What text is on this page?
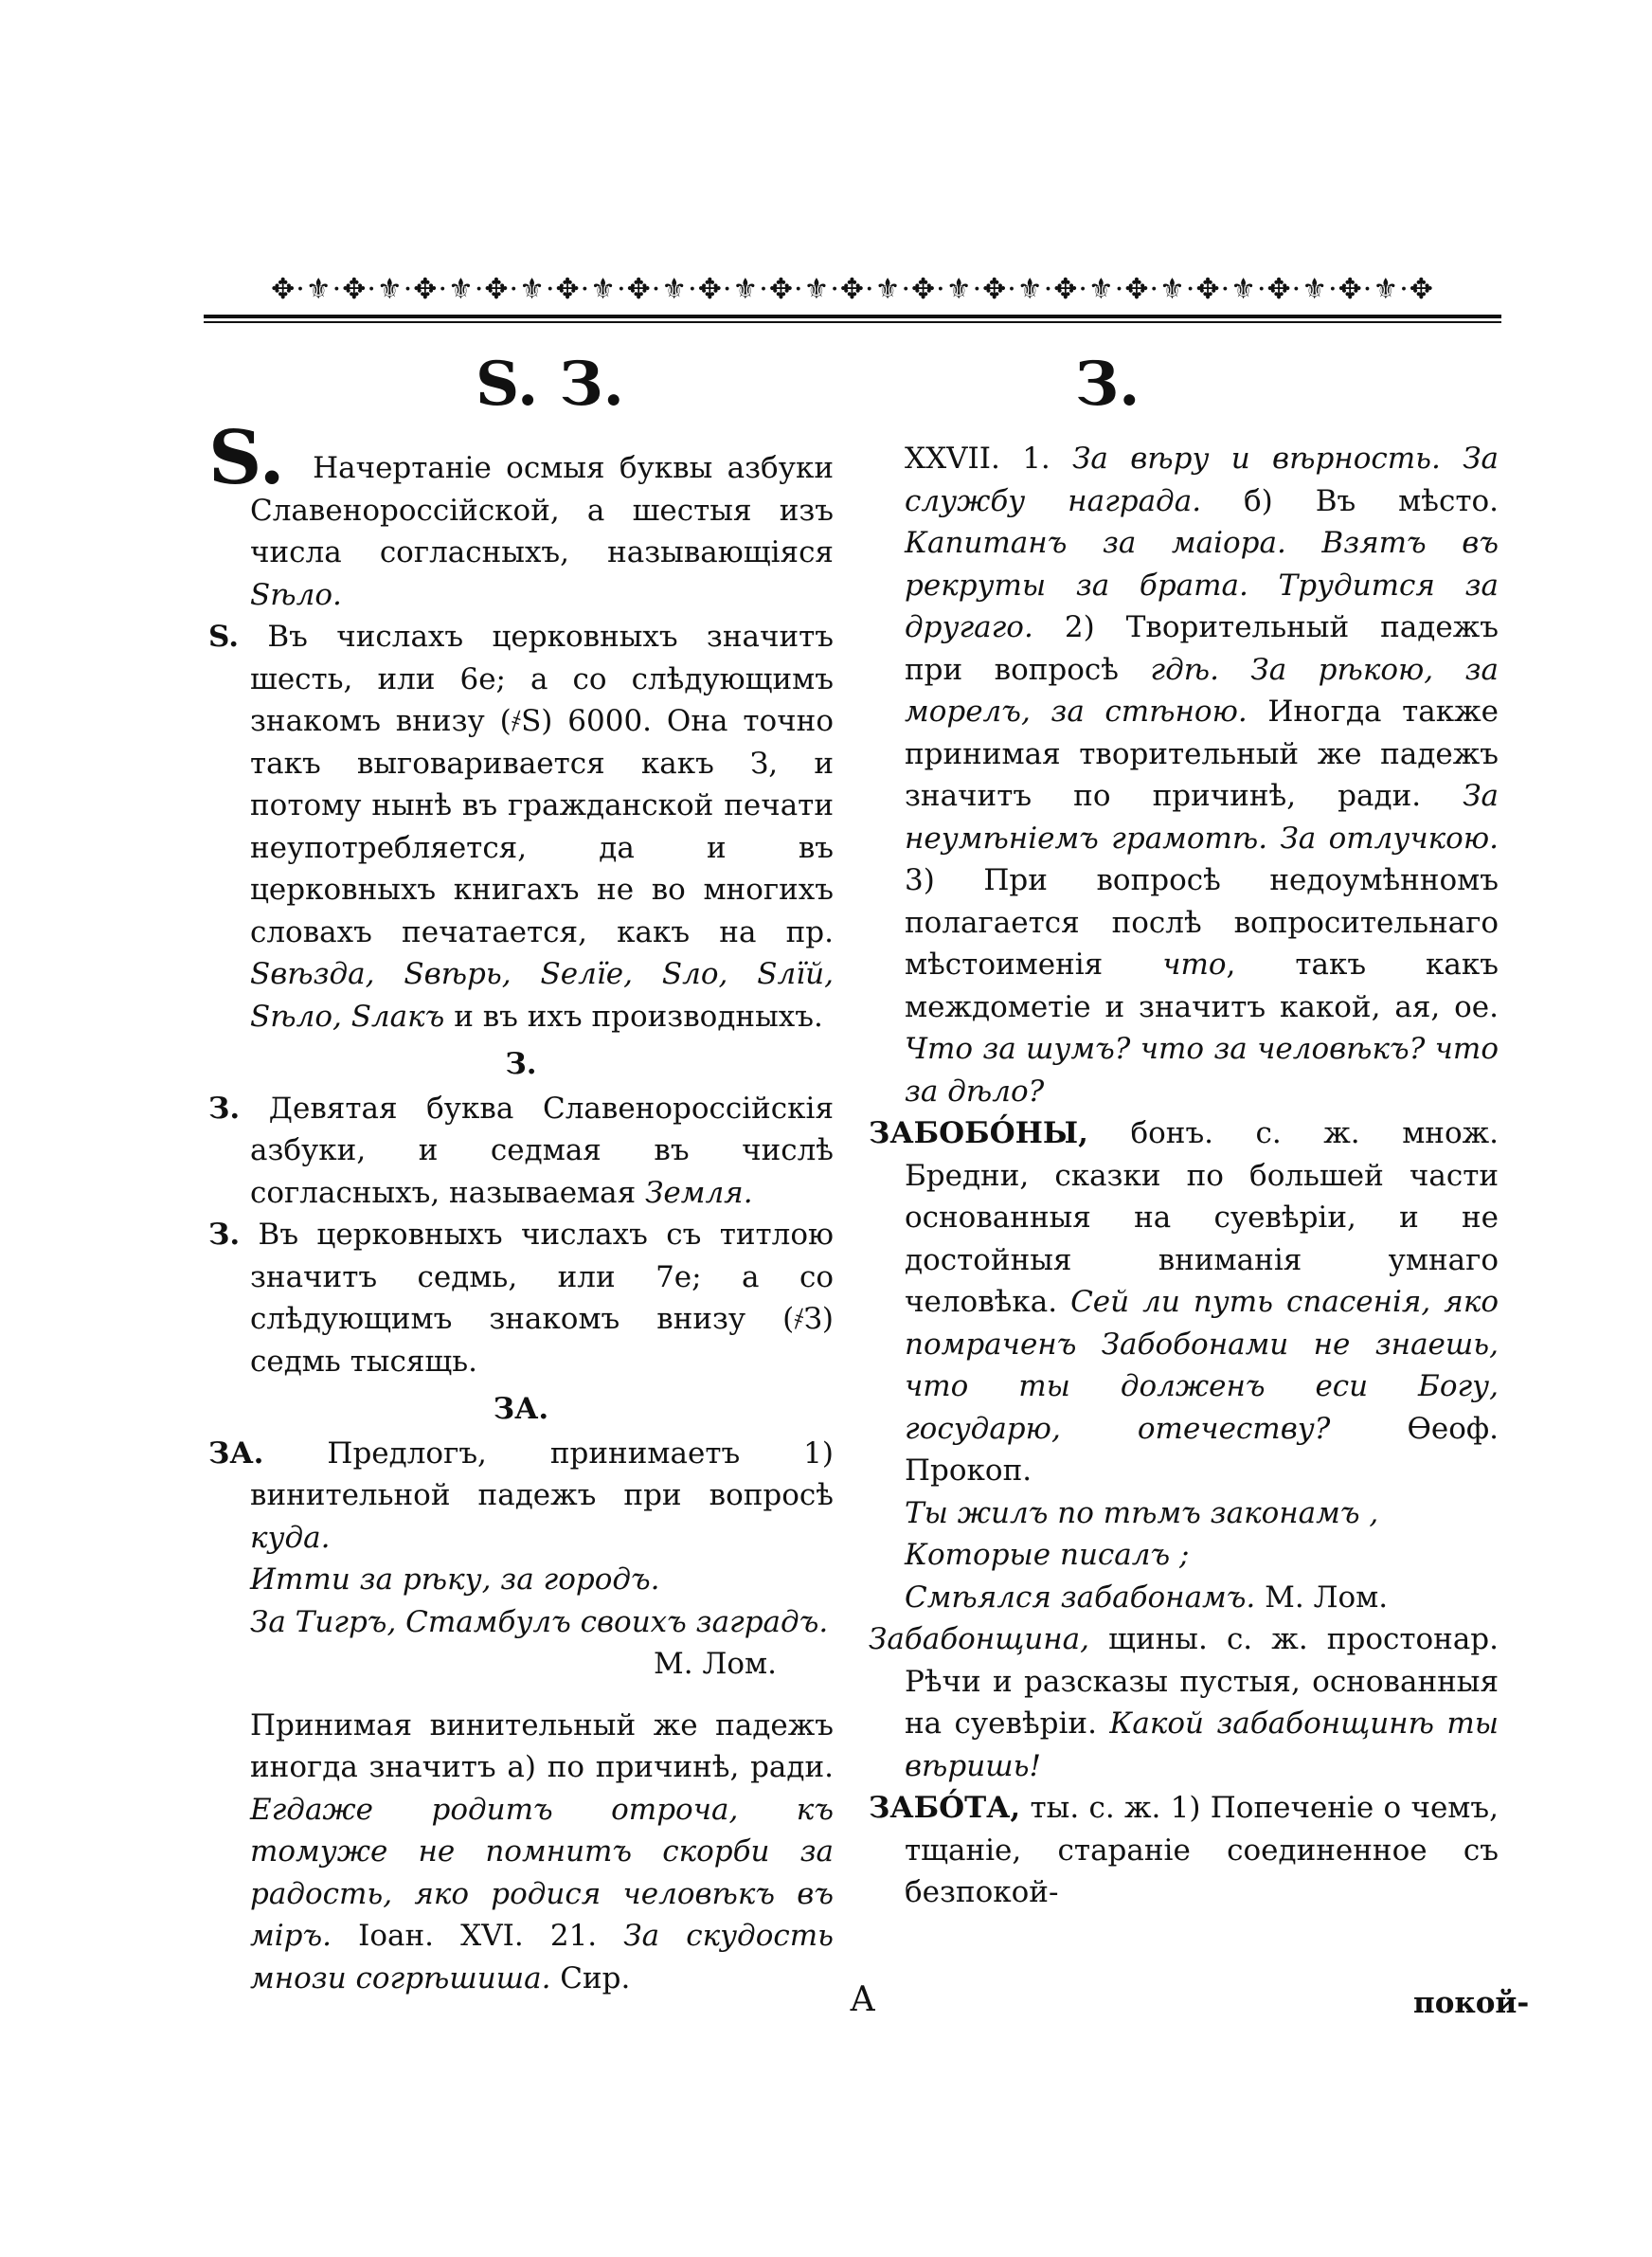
✥·⚜·✥·⚜·✥·⚜·✥·⚜·✥·⚜·✥·⚜·✥·⚜·✥·⚜·✥·⚜·✥·⚜·✥·⚜·✥·⚜·✥·⚜·✥·⚜·✥·⚜·✥·⚜·✥
S. З.	З.

S. Начертаніе осмыя буквы азбуки Славенороссійской, а шестыя изъ числа согласныхъ, называющіяся Sѣло.

S. Въ числахъ церковныхъ значитъ шесть, или 6е; а со слѣдующимъ знакомъ внизу (҂S) 6000. Она точно такъ выговаривается какъ З, и потому нынѣ въ гражданской печати неупотребляется, да и въ церковныхъ книгахъ не во многихъ словахъ печатается, какъ на пр. Sвѣзда, Sвѣрь, Sелїе, Sло, Sлїй, Sѣло, Sлакъ и въ ихъ производныхъ.

З.

З. Девятая буква Славенороссійскія азбуки, и седмая въ числѣ согласныхъ, называемая Земля.

З. Въ церковныхъ числахъ съ титлою значитъ седмь, или 7е; а со слѣдующимъ знакомъ внизу (҂З) седмь тысящь.

ЗА.

ЗА. Предлогъ, принимаетъ 1) винительной падежъ при вопросѣ куда.

Итти за рѣку, за городъ.

За Тигръ, Стамбулъ своихъ заградъ.

М. Лом.

Принимая винительный же падежъ иногда значитъ а) по причинѣ, ради. Егдаже родитъ отроча, къ томуже не помнитъ скорби за радость, яко родися человѣкъ въ міръ. Іоан. XVI. 21. За скудость мнози согрѣшиша. Сир.

XXVII. 1. За вѣру и вѣрность. За службу награда. б) Въ мѣсто. Капитанъ за маіора. Взятъ въ рекруты за брата. Трудится за другаго. 2) Творительный падежъ при вопросѣ гдѣ. За рѣкою, за морелъ, за стѣною. Иногда также принимая творительный же падежъ значитъ по причинѣ, ради. За неумѣніемъ грамотѣ. За отлучкою. 3) При вопросѣ недоумѣнномъ полагается послѣ вопросительнаго мѣстоименія что, такъ какъ междометіе и значитъ какой, ая, ое. Что за шумъ? что за человѣкъ? что за дѣло?

ЗАБОБО́НЫ, бонъ. с. ж. множ. Бредни, сказки по большей части основанныя на суевѣріи, и не достойныя вниманія умнаго человѣка. Сей ли путь спасенія, яко помраченъ Забобонами не знаешь, что ты долженъ еси Богу, государю, отечеству?	Ѳеоф. Прокоп.

Ты жилъ по тѣмъ законамъ ,

Которые писалъ ;

Смѣялся забабонамъ. М. Лом.

Забабонщина, щины. с. ж. простонар. Рѣчи и разсказы пустыя, основанныя на суевѣріи. Какой забабонщинѣ ты вѣришь!

ЗАБО́ТА, ты. с. ж. 1) Попеченіе о чемъ, тщаніе, стараніе соединенное съ безпокой-

А	покой-
